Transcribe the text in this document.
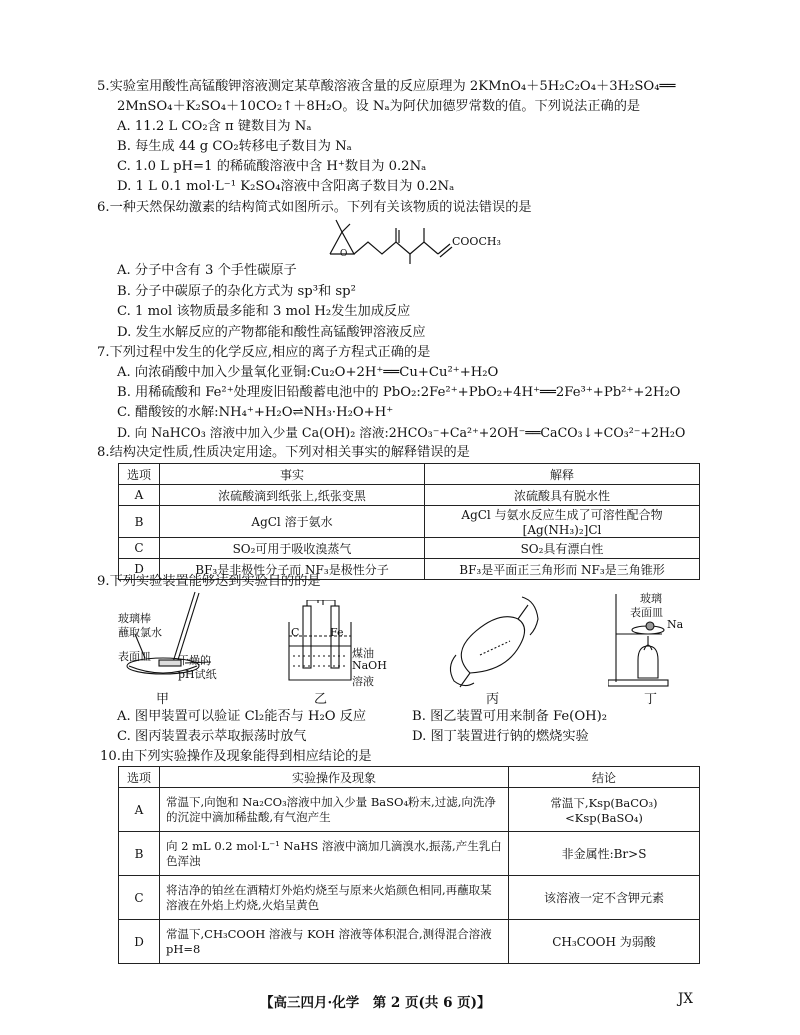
5.实验室用酸性高锰酸钾溶液测定某草酸溶液含量的反应原理为 2KMnO₄＋5H₂C₂O₄＋3H₂SO₄══
2MnSO₄＋K₂SO₄＋10CO₂↑＋8H₂O。设 Nₐ为阿伏加德罗常数的值。下列说法正确的是
A. 11.2 L CO₂含 π 键数目为 Nₐ
B. 每生成 44 g CO₂转移电子数目为 Nₐ
C. 1.0 L pH=1 的稀硫酸溶液中含 H⁺数目为 0.2Nₐ
D. 1 L 0.1 mol·L⁻¹ K₂SO₄溶液中含阳离子数目为 0.2Nₐ
6.一种天然保幼激素的结构简式如图所示。下列有关该物质的说法错误的是
O
COOCH₃
A. 分子中含有 3 个手性碳原子
B. 分子中碳原子的杂化方式为 sp³和 sp²
C. 1 mol 该物质最多能和 3 mol H₂发生加成反应
D. 发生水解反应的产物都能和酸性高锰酸钾溶液反应
7.下列过程中发生的化学反应,相应的离子方程式正确的是
A. 向浓硝酸中加入少量氧化亚铜:Cu₂O+2H⁺══Cu+Cu²⁺+H₂O
B. 用稀硫酸和 Fe²⁺处理废旧铅酸蓄电池中的 PbO₂:2Fe²⁺+PbO₂+4H⁺══2Fe³⁺+Pb²⁺+2H₂O
C. 醋酸铵的水解:NH₄⁺+H₂O⇌NH₃·H₂O+H⁺
D. 向 NaHCO₃ 溶液中加入少量 Ca(OH)₂ 溶液:2HCO₃⁻+Ca²⁺+2OH⁻══CaCO₃↓+CO₃²⁻+2H₂O
8.结构决定性质,性质决定用途。下列对相关事实的解释错误的是
选项	事实	解释
A	浓硫酸滴到纸张上,纸张变黑	浓硫酸具有脱水性
B	AgCl 溶于氨水	AgCl 与氨水反应生成了可溶性配合物[Ag(NH₃)₂]Cl
C	SO₂可用于吸收溴蒸气	SO₂具有漂白性
D	BF₃是非极性分子而 NF₃是极性分子	BF₃是平面正三角形而 NF₃是三角锥形
9.下列实验装置能够达到实验目的的是
玻璃棒
蘸取氯水
表面皿 干燥的
pH试纸
甲
C	Fe
煤油
NaOH
溶液
乙	丙
玻璃
表面皿
Na
丁
A. 图甲装置可以验证 Cl₂能否与 H₂O 反应	B. 图乙装置可用来制备 Fe(OH)₂
C. 图丙装置表示萃取振荡时放气	D. 图丁装置进行钠的燃烧实验
10.由下列实验操作及现象能得到相应结论的是
选项	实验操作及现象	结论
A	常温下,向饱和 Na₂CO₃溶液中加入少量 BaSO₄粉末,过滤,向洗净的沉淀中滴加稀盐酸,有气泡产生	常温下,Ksp(BaCO₃)<Ksp(BaSO₄)
B	向 2 mL 0.2 mol·L⁻¹ NaHS 溶液中滴加几滴溴水,振荡,产生乳白色浑浊	非金属性:Br>S
C	将洁净的铂丝在酒精灯外焰灼烧至与原来火焰颜色相同,再蘸取某溶液在外焰上灼烧,火焰呈黄色	该溶液一定不含钾元素
D	常温下,CH₃COOH 溶液与 KOH 溶液等体积混合,测得混合溶液pH=8	CH₃COOH 为弱酸
【高三四月·化学　第 2 页(共 6 页)】	JX
